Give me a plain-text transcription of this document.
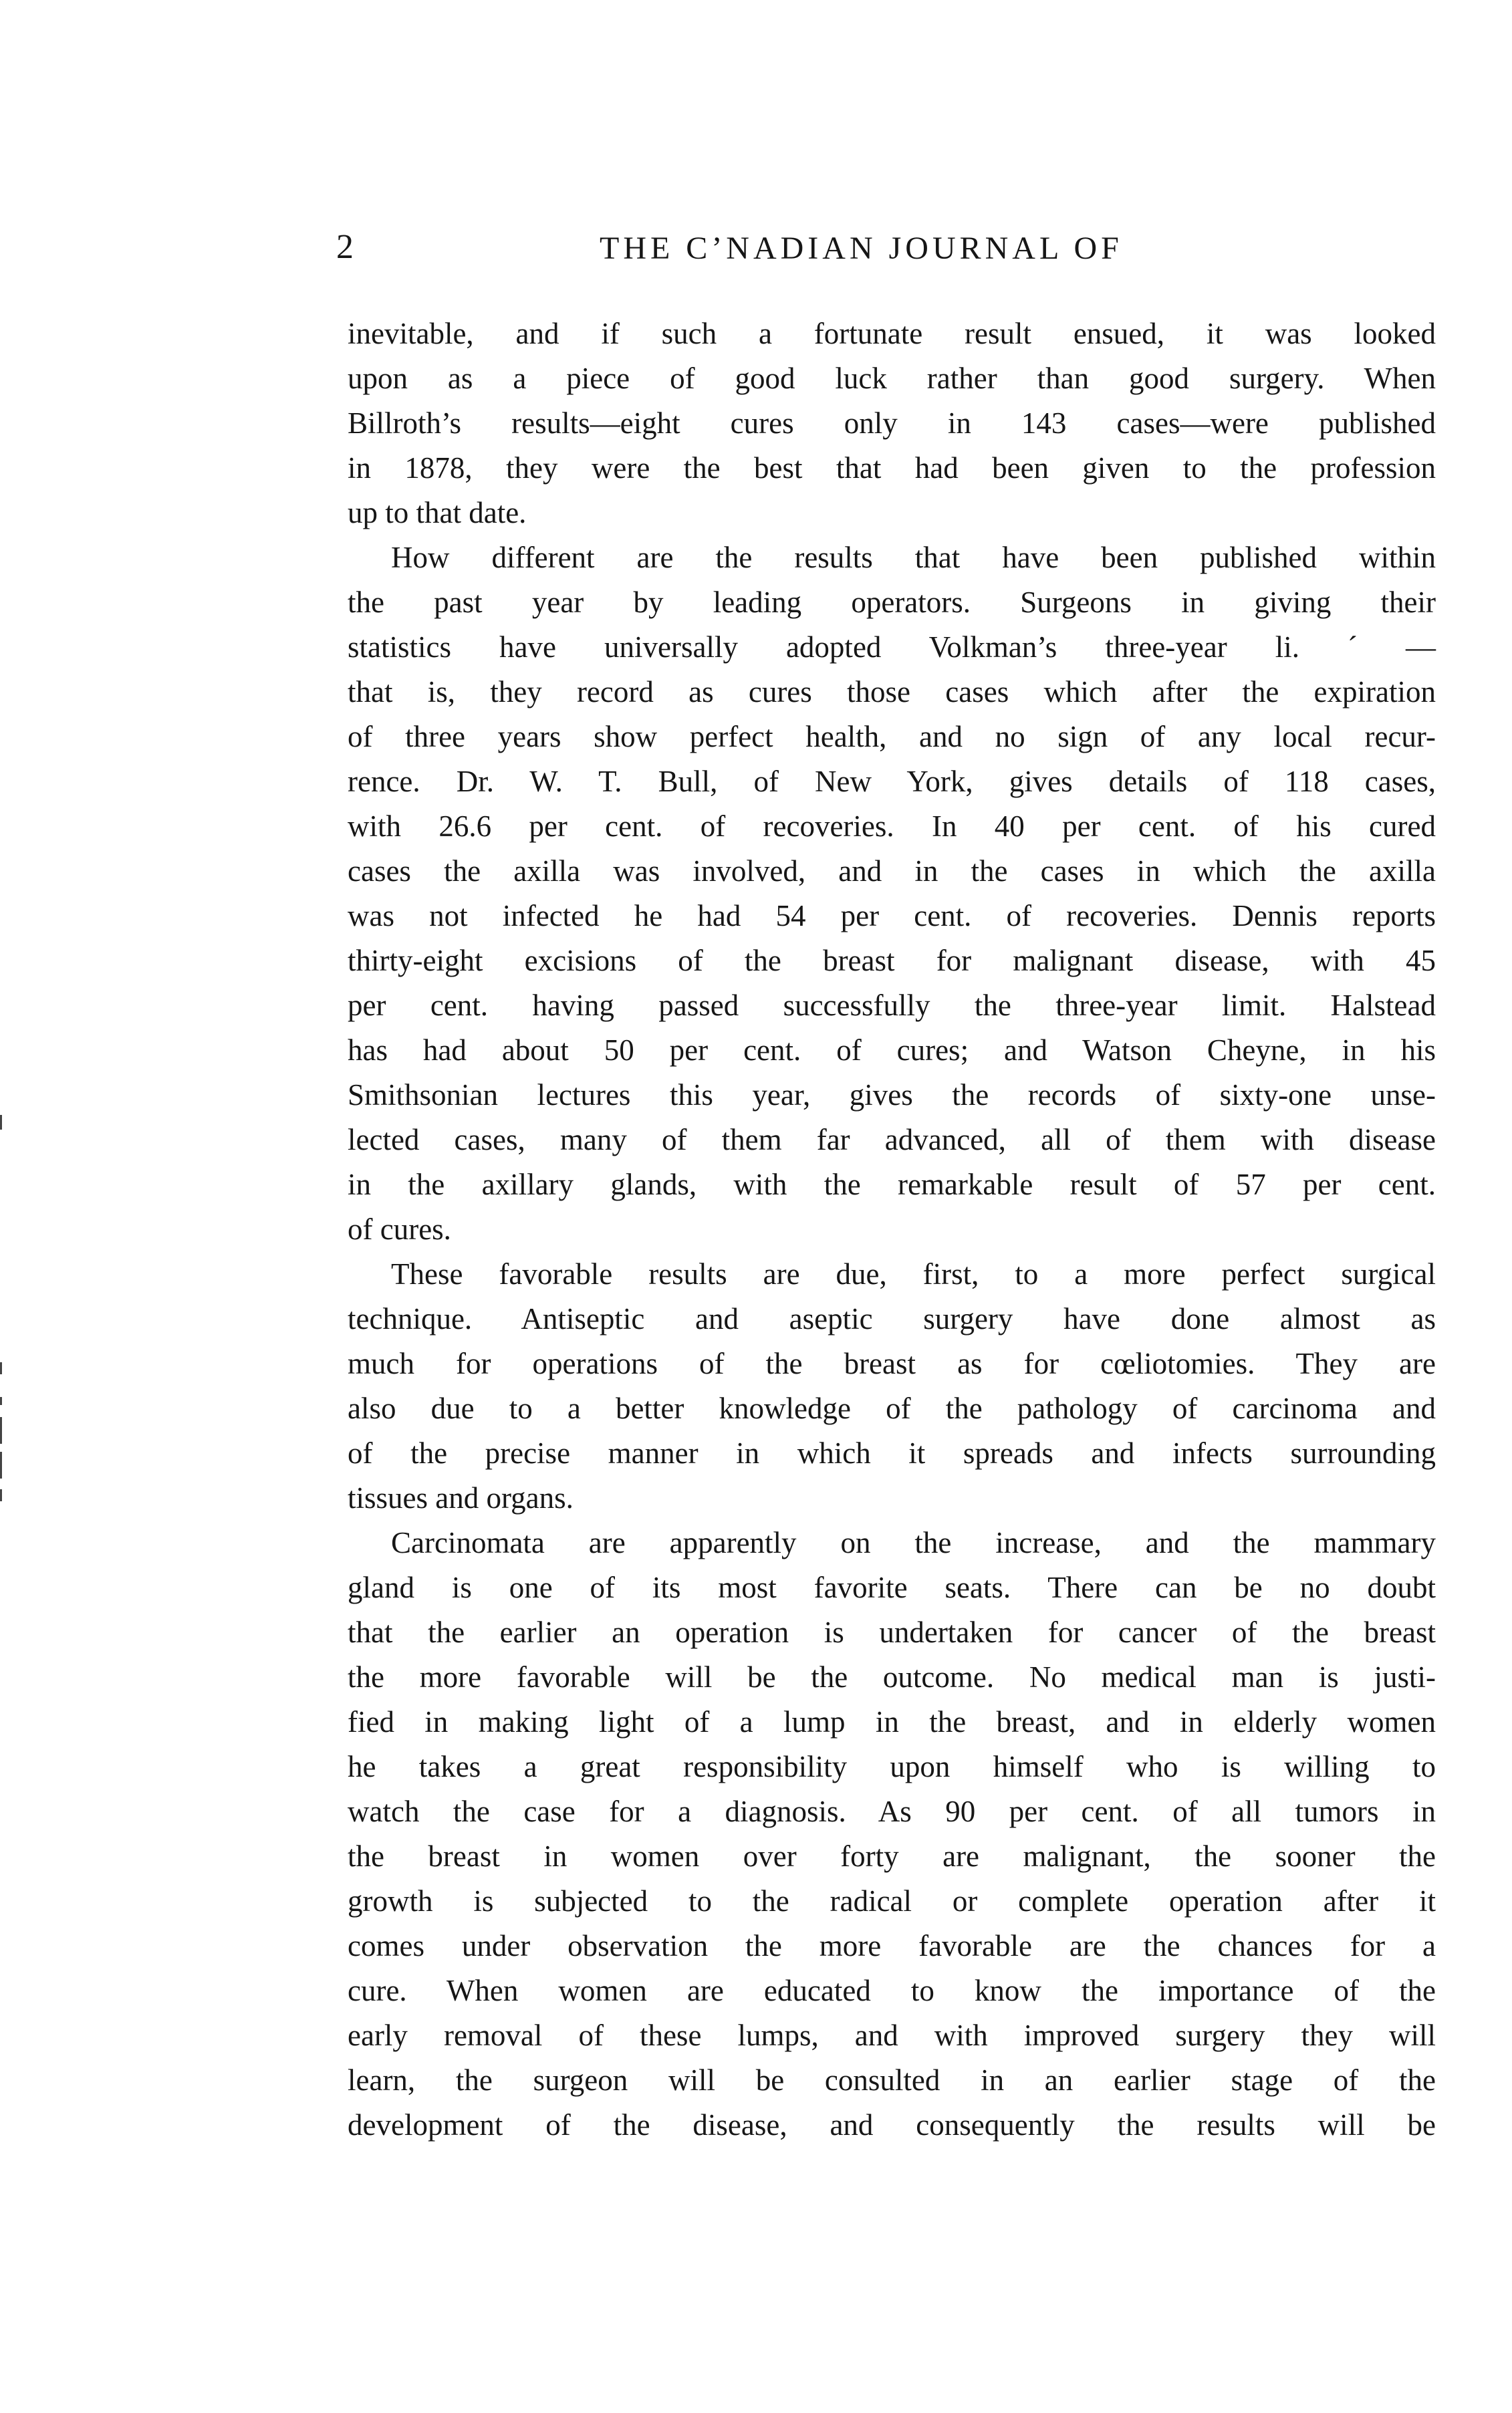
2	THE C’NADIAN JOURNAL OF
inevitable, and if such a fortunate result ensued, it was looked
upon as a piece of good luck rather than good surgery. When
Billroth’s results—eight cures only in 143 cases—were published
in 1878, they were the best that had been given to the profession
up to that date.
How different are the results that have been published within
the past year by leading operators. Surgeons in giving their
statistics have universally adopted Volkman’s three-year li. ´ —
that is, they record as cures those cases which after the expiration
of three years show perfect health, and no sign of any local recur-
rence. Dr. W. T. Bull, of New York, gives details of 118 cases,
with 26.6 per cent. of recoveries. In 40 per cent. of his cured
cases the axilla was involved, and in the cases in which the axilla
was not infected he had 54 per cent. of recoveries. Dennis reports
thirty-eight excisions of the breast for malignant disease, with 45
per cent. having passed successfully the three-year limit. Halstead
has had about 50 per cent. of cures; and Watson Cheyne, in his
Smithsonian lectures this year, gives the records of sixty-one unse-
lected cases, many of them far advanced, all of them with disease
in the axillary glands, with the remarkable result of 57 per cent.
of cures.
These favorable results are due, first, to a more perfect surgical
technique. Antiseptic and aseptic surgery have done almost as
much for operations of the breast as for cœliotomies. They are
also due to a better knowledge of the pathology of carcinoma and
of the precise manner in which it spreads and infects surrounding
tissues and organs.
Carcinomata are apparently on the increase, and the mammary
gland is one of its most favorite seats. There can be no doubt
that the earlier an operation is undertaken for cancer of the breast
the more favorable will be the outcome. No medical man is justi-
fied in making light of a lump in the breast, and in elderly women
he takes a great responsibility upon himself who is willing to
watch the case for a diagnosis. As 90 per cent. of all tumors in
the breast in women over forty are malignant, the sooner the
growth is subjected to the radical or complete operation after it
comes under observation the more favorable are the chances for a
cure. When women are educated to know the importance of the
early removal of these lumps, and with improved surgery they will
learn, the surgeon will be consulted in an earlier stage of the
development of the disease, and consequently the results will be
